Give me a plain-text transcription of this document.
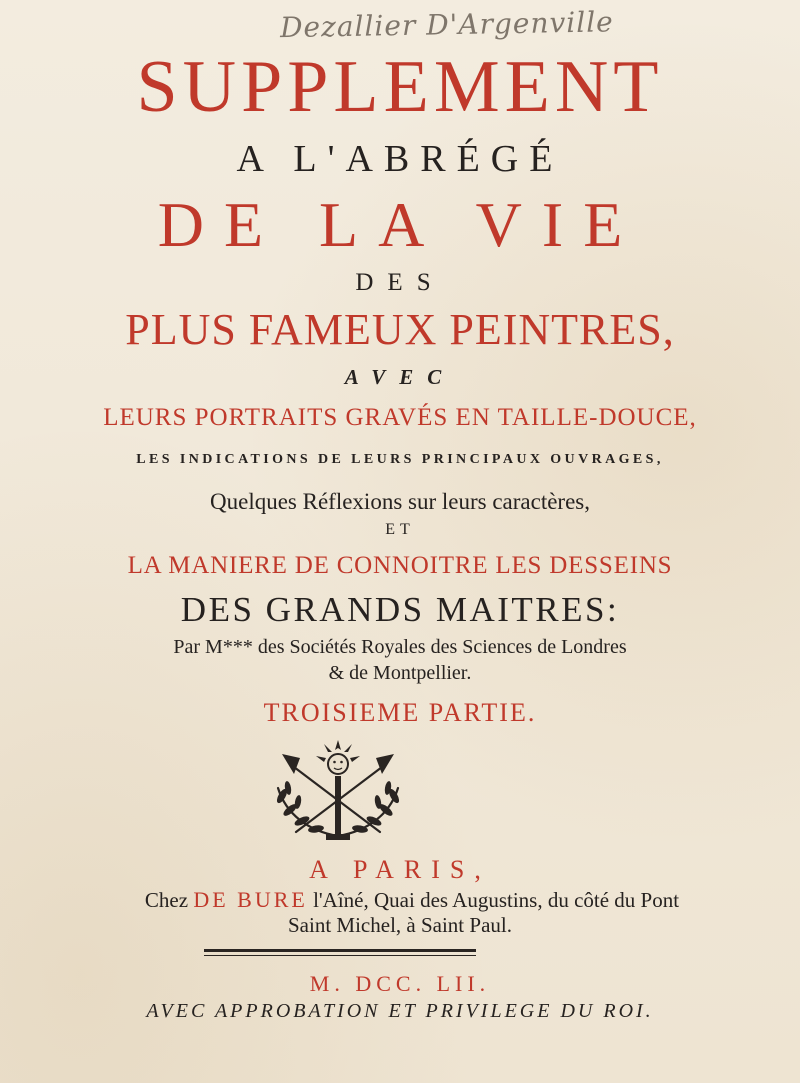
Dezallier D'Argenville
SUPPLEMENT
A L'ABRÉGÉ
DE LA VIE
DES
PLUS FAMEUX PEINTRES,
AVEC
LEURS PORTRAITS GRAVÉS EN TAILLE-DOUCE,
LES INDICATIONS DE LEURS PRINCIPAUX OUVRAGES,
Quelques Réflexions sur leurs caractères,
ET
LA MANIERE DE CONNOITRE LES DESSEINS
DES GRANDS MAITRES:
Par M*** des Sociétés Royales des Sciences de Londres
& de Montpellier.
TROISIEME PARTIE.
A PARIS,
Chez DE BURE l'Aîné, Quai des Augustins, du côté du Pont
Saint Michel, à Saint Paul.
M. DCC. LII.
AVEC APPROBATION ET PRIVILEGE DU ROI.
